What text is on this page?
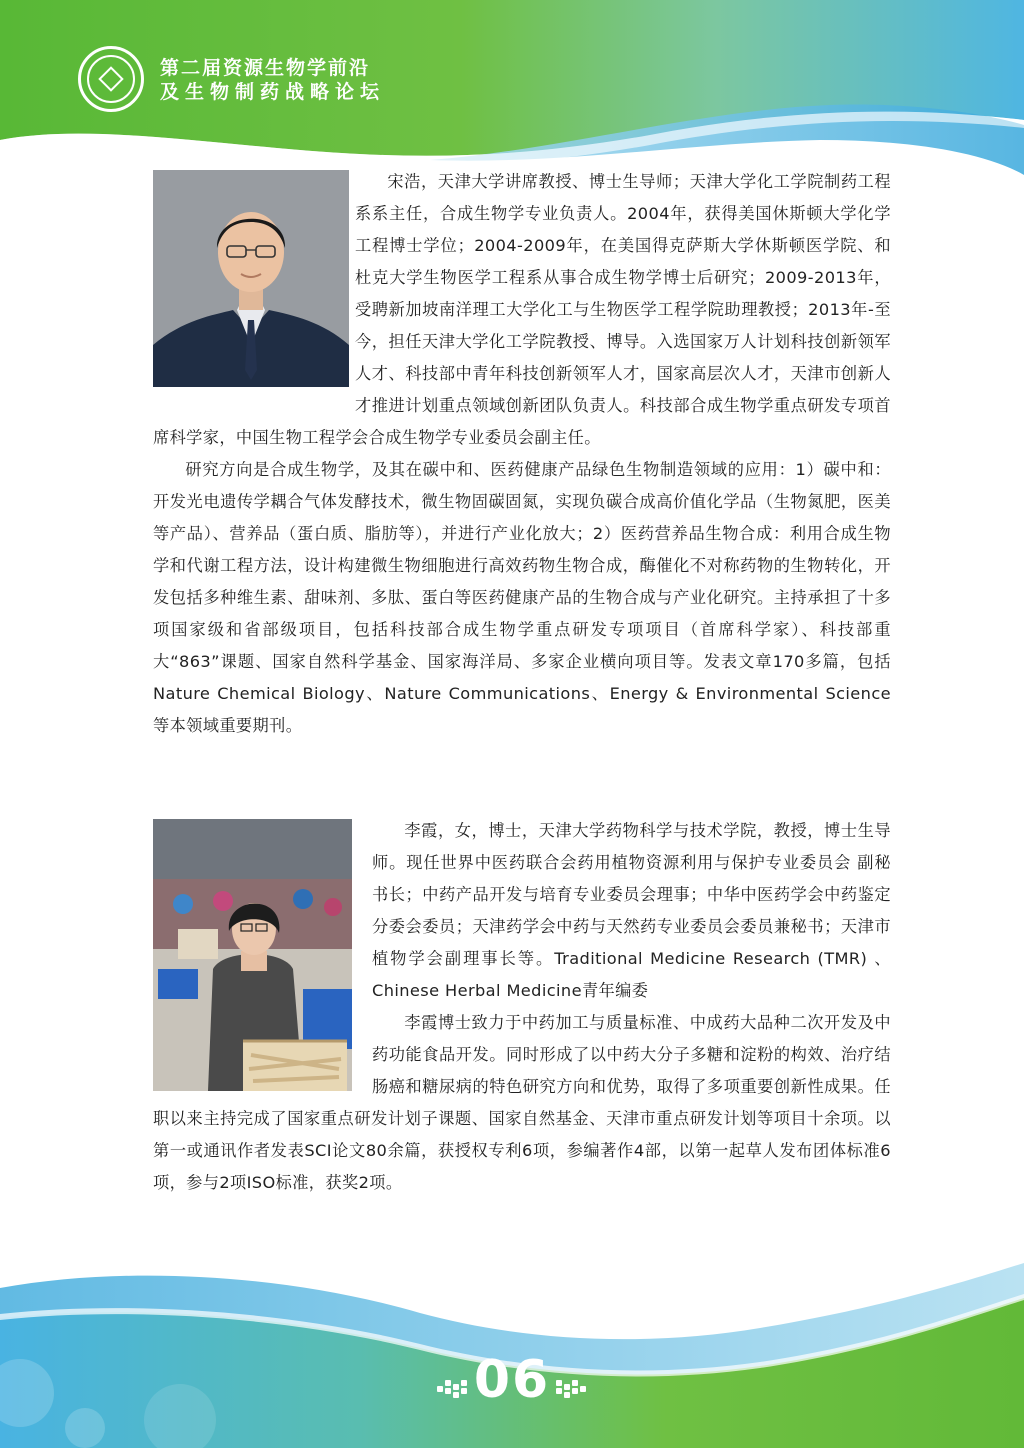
第二届资源生物学前沿
及生物制药战略论坛

宋浩，天津大学讲席教授、博士生导师；天津大学化工学院制药工程系系主任，合成生物学专业负责人。2004年，获得美国休斯顿大学化学工程博士学位；2004-2009年，在美国得克萨斯大学休斯顿医学院、和杜克大学生物医学工程系从事合成生物学博士后研究；2009-2013年，受聘新加坡南洋理工大学化工与生物医学工程学院助理教授；2013年-至今，担任天津大学化工学院教授、博导。入选国家万人计划科技创新领军人才、科技部中青年科技创新领军人才，国家高层次人才，天津市创新人才推进计划重点领域创新团队负责人。科技部合成生物学重点研发专项首席科学家，中国生物工程学会合成生物学专业委员会副主任。

研究方向是合成生物学，及其在碳中和、医药健康产品绿色生物制造领域的应用：1）碳中和：开发光电遗传学耦合气体发酵技术，微生物固碳固氮，实现负碳合成高价值化学品（生物氮肥，医美等产品）、营养品（蛋白质、脂肪等），并进行产业化放大；2）医药营养品生物合成：利用合成生物学和代谢工程方法，设计构建微生物细胞进行高效药物生物合成，酶催化不对称药物的生物转化，开发包括多种维生素、甜味剂、多肽、蛋白等医药健康产品的生物合成与产业化研究。主持承担了十多项国家级和省部级项目，包括科技部合成生物学重点研发专项项目（首席科学家）、科技部重大“863”课题、国家自然科学基金、国家海洋局、多家企业横向项目等。发表文章170多篇，包括Nature Chemical Biology、Nature Communications、Energy & Environmental Science等本领域重要期刊。

李霞，女，博士，天津大学药物科学与技术学院，教授，博士生导师。现任世界中医药联合会药用植物资源利用与保护专业委员会 副秘书长；中药产品开发与培育专业委员会理事；中华中医药学会中药鉴定分委会委员；天津药学会中药与天然药专业委员会委员兼秘书；天津市植物学会副理事长等。Traditional Medicine Research (TMR) 、Chinese Herbal Medicine青年编委

李霞博士致力于中药加工与质量标准、中成药大品种二次开发及中药功能食品开发。同时形成了以中药大分子多糖和淀粉的构效、治疗结肠癌和糖尿病的特色研究方向和优势，取得了多项重要创新性成果。任职以来主持完成了国家重点研发计划子课题、国家自然基金、天津市重点研发计划等项目十余项。以第一或通讯作者发表SCI论文80余篇，获授权专利6项，参编著作4部，以第一起草人发布团体标准6项，参与2项ISO标准，获奖2项。

06
